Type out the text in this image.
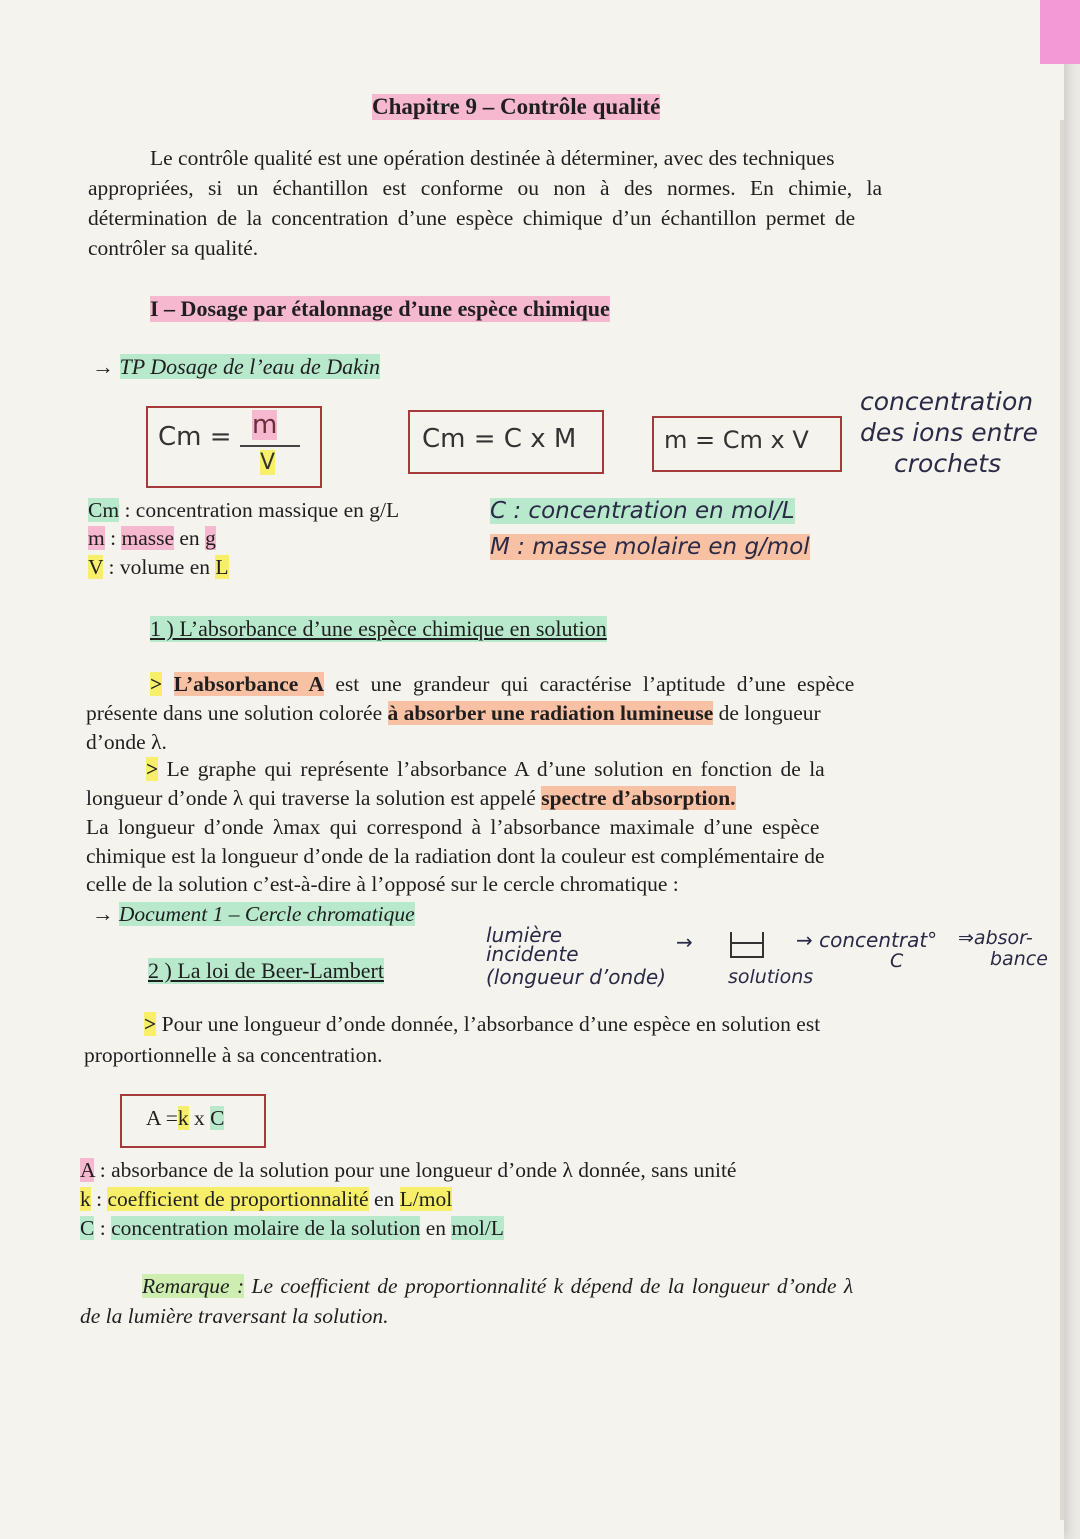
Chapitre 9 – Contrôle qualité
Le contrôle qualité est une opération destinée à déterminer, avec des techniques
appropriées, si un échantillon est conforme ou non à des normes. En chimie, la
détermination de la concentration d’une espèce chimique d’un échantillon permet de
contrôler sa qualité.
I – Dosage par étalonnage d’une espèce chimique
→ TP Dosage de l’eau de Dakin
Cm = m
V
Cm = C x M	m = Cm x V
concentration
des ions entre
crochets
Cm : concentration massique en g/L
m : masse en g
V : volume en L
C : concentration en mol/L
M : masse molaire en g/mol
1 ) L’absorbance d’une espèce chimique en solution
> L’absorbance A est une grandeur qui caractérise l’aptitude d’une espèce
présente dans une solution colorée à absorber une radiation lumineuse de longueur
d’onde λ.
> Le graphe qui représente l’absorbance A d’une solution en fonction de la
longueur d’onde λ qui traverse la solution est appelé spectre d’absorption.
La longueur d’onde λmax qui correspond à l’absorbance maximale d’une espèce
chimique est la longueur d’onde de la radiation dont la couleur est complémentaire de
celle de la solution c’est-à-dire à l’opposé sur le cercle chromatique :
→ Document 1 – Cercle chromatique
2 ) La loi de Beer-Lambert
lumière
incidente
(longueur d’onde)
→
solutions
→ concentrat°
C
⇒absor-
bance
> Pour une longueur d’onde donnée, l’absorbance d’une espèce en solution est
proportionnelle à sa concentration.
A =k x C
A : absorbance de la solution pour une longueur d’onde λ donnée, sans unité
k : coefficient de proportionnalité en L/mol
C : concentration molaire de la solution en mol/L
Remarque : Le coefficient de proportionnalité k dépend de la longueur d’onde λ
de la lumière traversant la solution.
